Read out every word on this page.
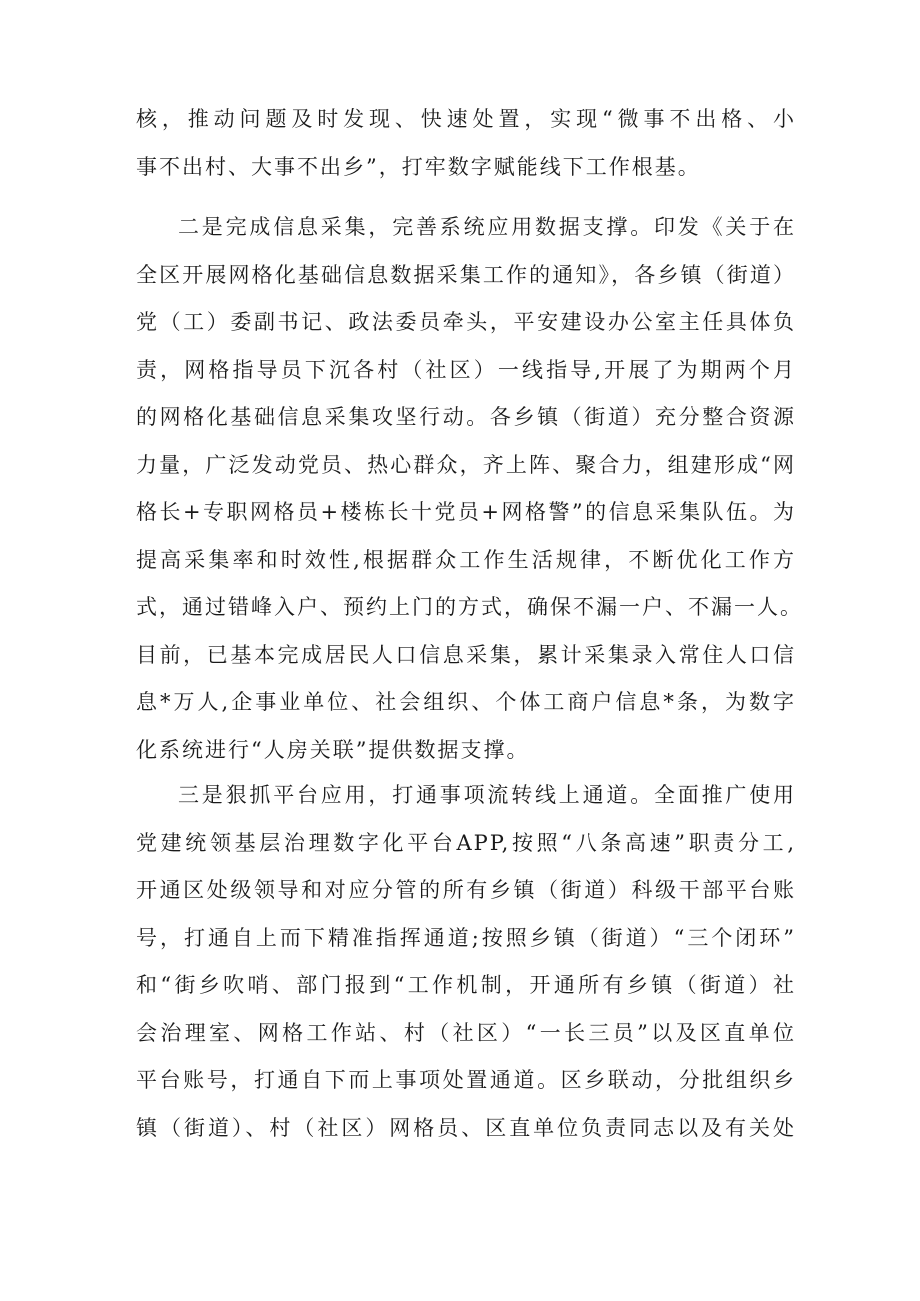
核，推动问题及时发现、快速处置，实现“微事不出格、小
事不出村、大事不出乡”，打牢数字赋能线下工作根基。
二是完成信息采集，完善系统应用数据支撑。印发《关于在
全区开展网格化基础信息数据采集工作的通知》，各乡镇（街道）
党（工）委副书记、政法委员牵头，平安建设办公室主任具体负
责，网格指导员下沉各村（社区）一线指导,开展了为期两个月
的网格化基础信息采集攻坚行动。各乡镇（街道）充分整合资源
力量，广泛发动党员、热心群众，齐上阵、聚合力，组建形成“网
格长+专职网格员+楼栋长十党员+网格警”的信息采集队伍。为
提高采集率和时效性,根据群众工作生活规律，不断优化工作方
式，通过错峰入户、预约上门的方式，确保不漏一户、不漏一人。
目前，已基本完成居民人口信息采集，累计采集录入常住人口信
息*万人,企事业单位、社会组织、个体工商户信息*条，为数字
化系统进行“人房关联”提供数据支撑。
三是狠抓平台应用，打通事项流转线上通道。全面推广使用
党建统领基层治理数字化平台APP,按照“八条高速”职责分工,
开通区处级领导和对应分管的所有乡镇（街道）科级干部平台账
号，打通自上而下精准指挥通道;按照乡镇（街道）“三个闭环”
和“街乡吹哨、部门报到“工作机制，开通所有乡镇（街道）社
会治理室、网格工作站、村（社区）“一长三员”以及区直单位
平台账号，打通自下而上事项处置通道。区乡联动，分批组织乡
镇（街道）、村（社区）网格员、区直单位负责同志以及有关处
